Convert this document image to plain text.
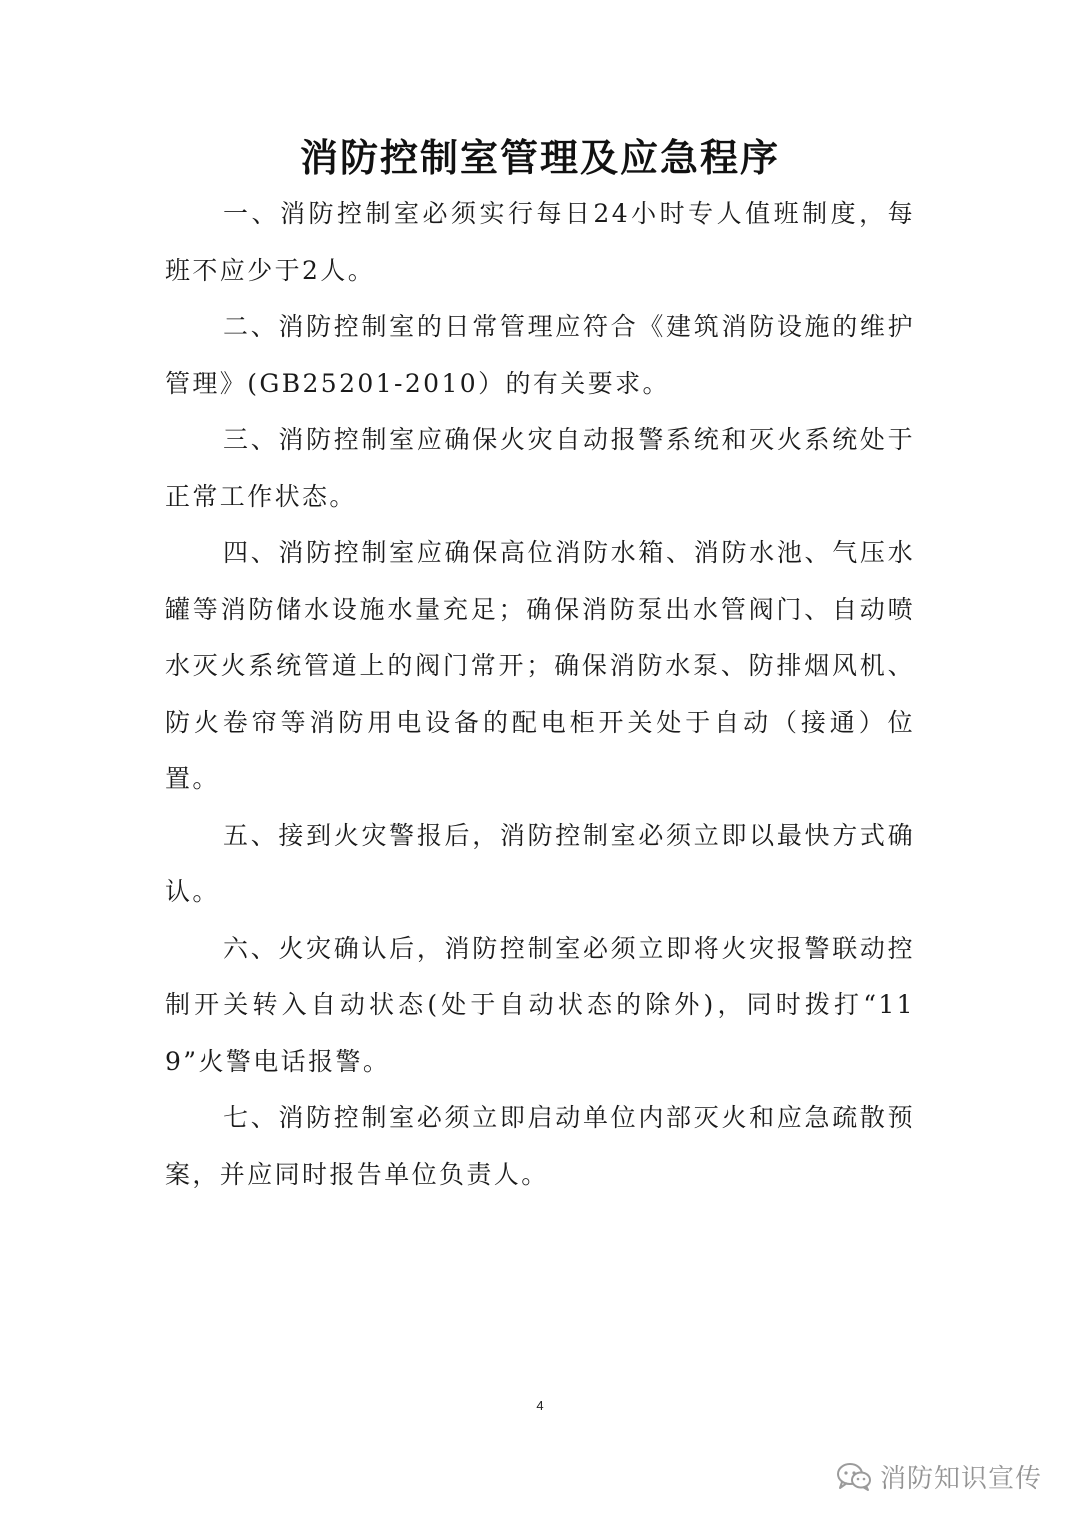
消防控制室管理及应急程序

一、消防控制室必须实行每日24小时专人值班制度，每班不应少于2人。

二、消防控制室的日常管理应符合《建筑消防设施的维护管理》(GB25201-2010）的有关要求。

三、消防控制室应确保火灾自动报警系统和灭火系统处于正常工作状态。

四、消防控制室应确保高位消防水箱、消防水池、气压水罐等消防储水设施水量充足；确保消防泵出水管阀门、自动喷水灭火系统管道上的阀门常开；确保消防水泵、防排烟风机、防火卷帘等消防用电设备的配电柜开关处于自动（接通）位置。

五、接到火灾警报后，消防控制室必须立即以最快方式确认。

六、火灾确认后，消防控制室必须立即将火灾报警联动控制开关转入自动状态(处于自动状态的除外)，同时拨打“119”火警电话报警。

七、消防控制室必须立即启动单位内部灭火和应急疏散预案，并应同时报告单位负责人。

4
消防知识宣传
